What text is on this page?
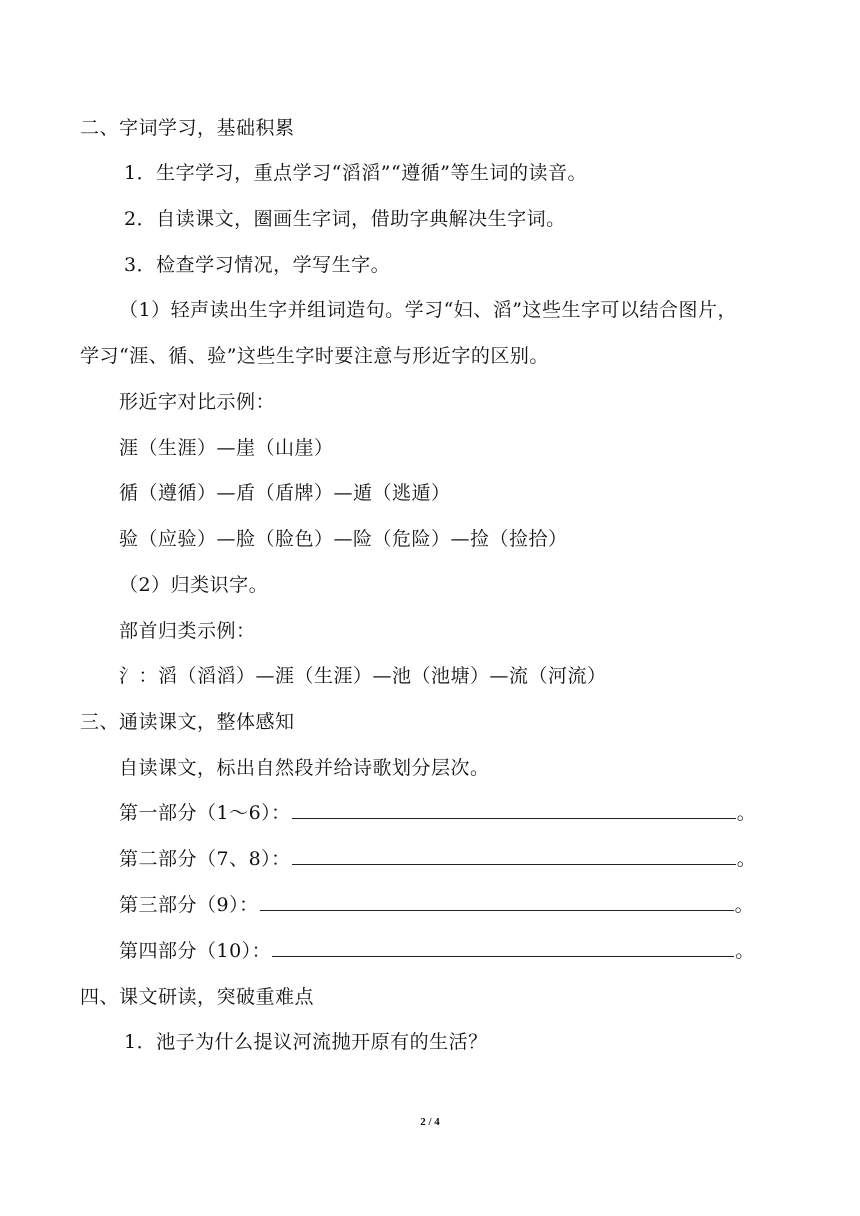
二、字词学习，基础积累
1．生字学习，重点学习“滔滔”“遵循”等生词的读音。
2．自读课文，圈画生字词，借助字典解决生字词。
3．检查学习情况，学写生字。
（1）轻声读出生字并组词造句。学习“妇、滔”这些生字可以结合图片，
学习“涯、循、验”这些生字时要注意与形近字的区别。
形近字对比示例：
涯（生涯）—崖（山崖）
循（遵循）—盾（盾牌）—遁（逃遁）
验（应验）—脸（脸色）—险（危险）—捡（捡拾）
（2）归类识字。
部首归类示例：
氵：滔（滔滔）—涯（生涯）—池（池塘）—流（河流）
三、通读课文，整体感知
自读课文，标出自然段并给诗歌划分层次。
第一部分（1～6）：	。
第二部分（7、8）：	。
第三部分（9）：	。
第四部分（10）：	。
四、课文研读，突破重难点
1．池子为什么提议河流抛开原有的生活？
2 / 4
